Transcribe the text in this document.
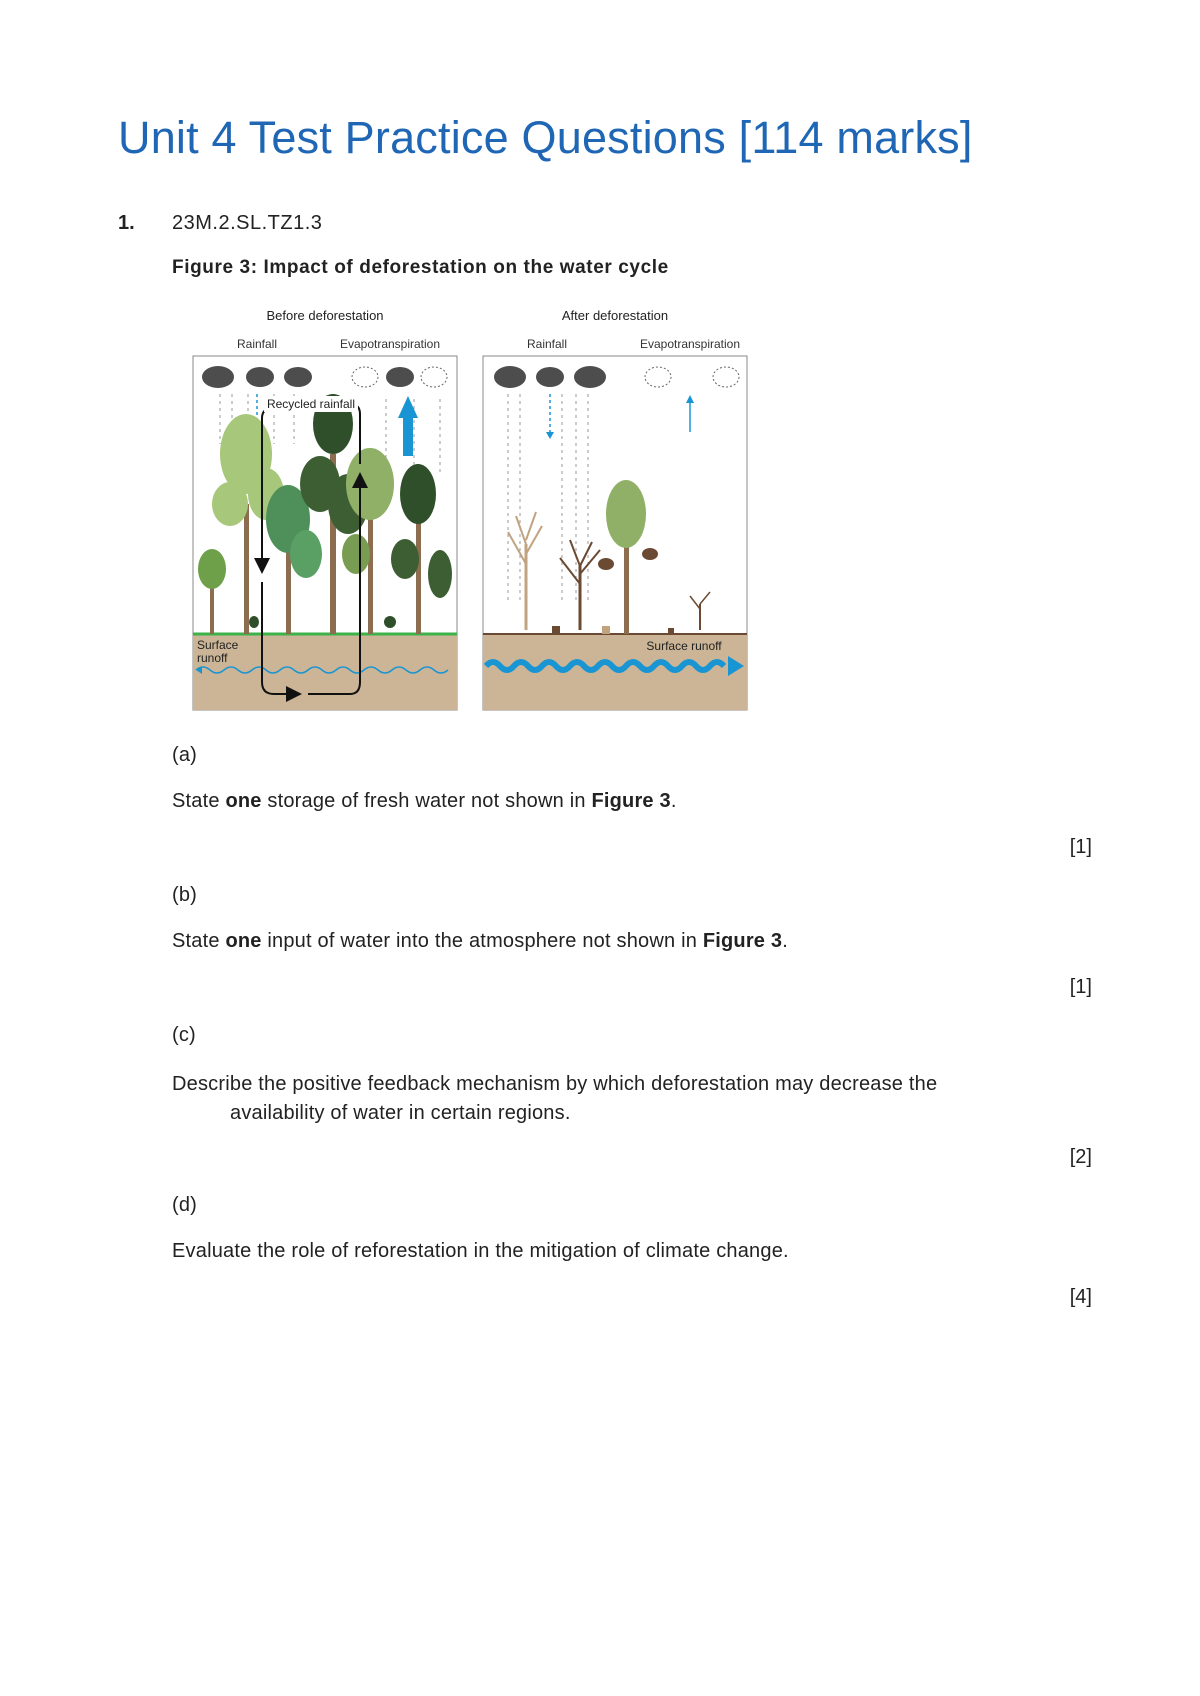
Unit 4 Test Practice Questions [114 marks]
1. 23M.2.SL.TZ1.3
Figure 3: Impact of deforestation on the water cycle
Before deforestation
Rainfall	Evapotranspiration
Recycled rainfall
Surface
runoff
After deforestation
Rainfall	Evapotranspiration
Surface runoff
(a)
State one storage of fresh water not shown in Figure 3.
[1]
(b)
State one input of water into the atmosphere not shown in Figure 3.
[1]
(c)
Describe the positive feedback mechanism by which deforestation may decrease the
availability of water in certain regions.
[2]
(d)
Evaluate the role of reforestation in the mitigation of climate change.
[4]
